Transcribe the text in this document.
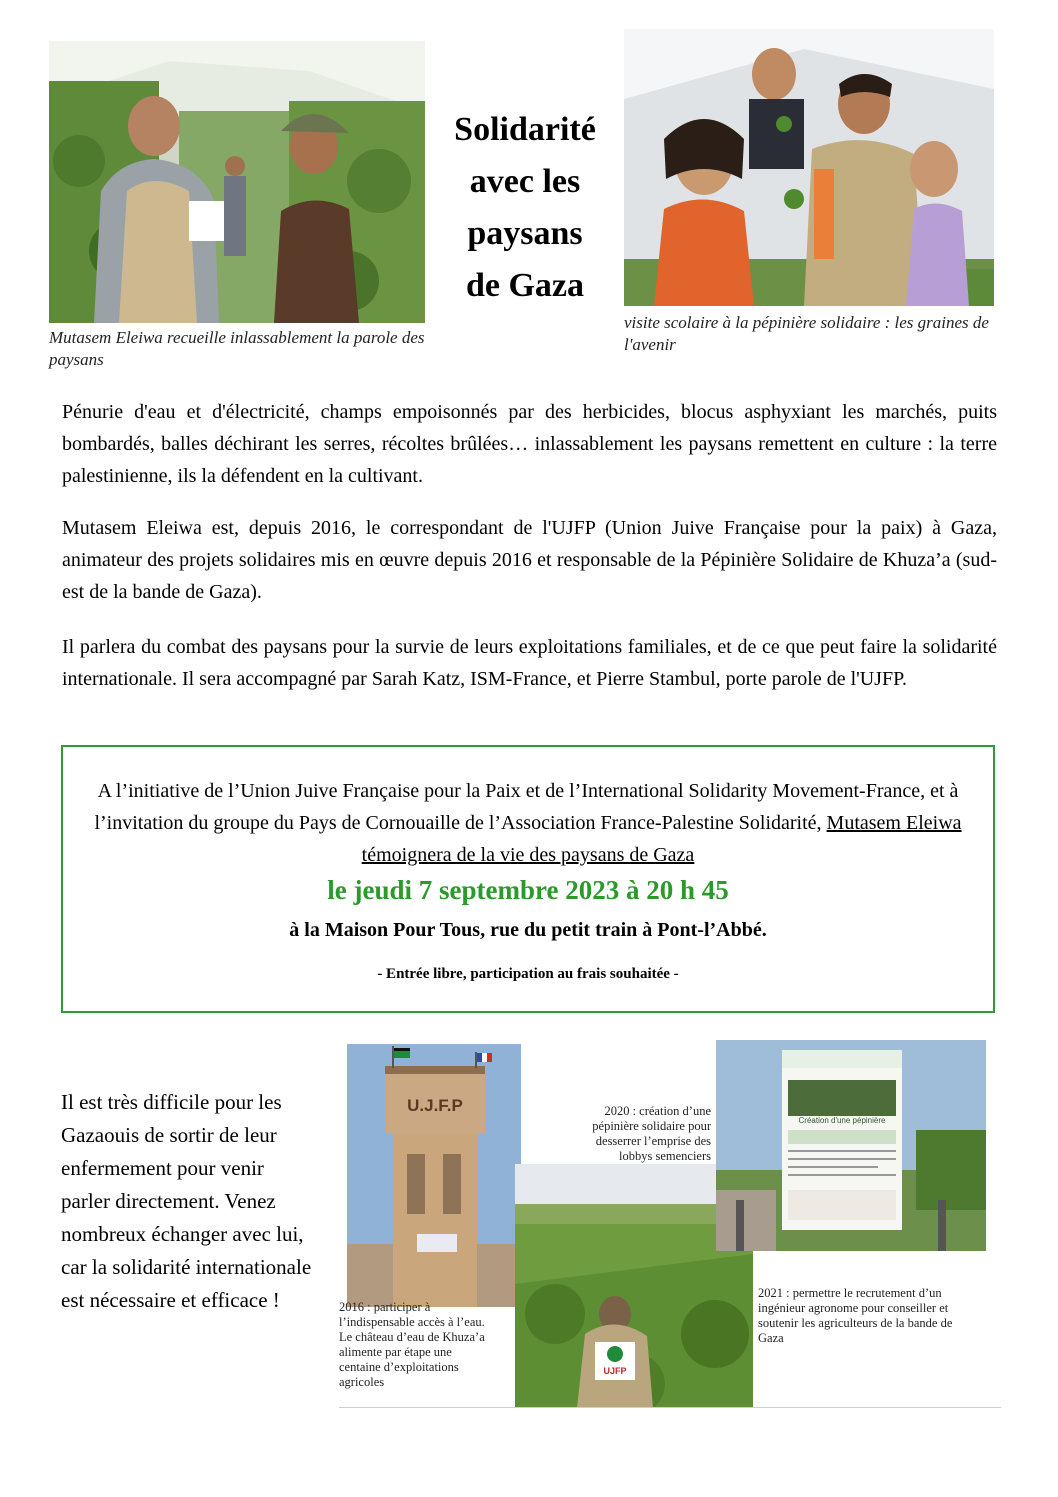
Mutasem Eleiwa recueille inlassablement la parole des paysans
Solidarité
avec les
paysans
de Gaza
visite scolaire à la pépinière solidaire : les graines de l'avenir
Pénurie d'eau et d'électricité, champs empoisonnés par des herbicides, blocus asphyxiant les marchés, puits bombardés, balles déchirant les serres, récoltes brûlées… inlassablement les paysans remettent en culture : la terre palestinienne, ils la défendent en la cultivant.
Mutasem Eleiwa est, depuis 2016, le correspondant de l'UJFP (Union Juive Française pour la paix) à Gaza, animateur des projets solidaires mis en œuvre depuis 2016 et responsable de la Pépinière Solidaire de Khuza’a (sud-est de la bande de Gaza).
Il parlera du combat des paysans pour la survie de leurs exploitations familiales, et de ce que peut faire la solidarité internationale. Il sera accompagné par Sarah Katz, ISM-France, et Pierre Stambul, porte parole de l'UJFP.
A l’initiative de l’Union Juive Française pour la Paix et de l’International Solidarity Movement-France, et à l’invitation du groupe du Pays de Cornouaille de l’Association France-Palestine Solidarité, Mutasem Eleiwa témoignera de la vie des paysans de Gaza
le jeudi 7 septembre 2023 à 20 h 45
à la Maison Pour Tous, rue du petit train à Pont-l’Abbé.
- Entrée libre, participation au frais souhaitée -
Il est très difficile pour les Gazaouis de sortir de leur enfermement pour venir parler directement. Venez nombreux échanger avec lui, car la solidarité internationale est nécessaire et efficace !
U.J.F.P
2016 : participer à l’indispensable accès à l’eau. Le château d’eau de Khuza’a alimente par étape une centaine d’exploitations agricoles
UJFP
2020 : création d’une pépinière solidaire pour desserrer l’emprise des lobbys semenciers
Création d'une pépinière
2021 : permettre le recrutement d’un ingénieur agronome pour conseiller et soutenir les agriculteurs de la bande de Gaza
